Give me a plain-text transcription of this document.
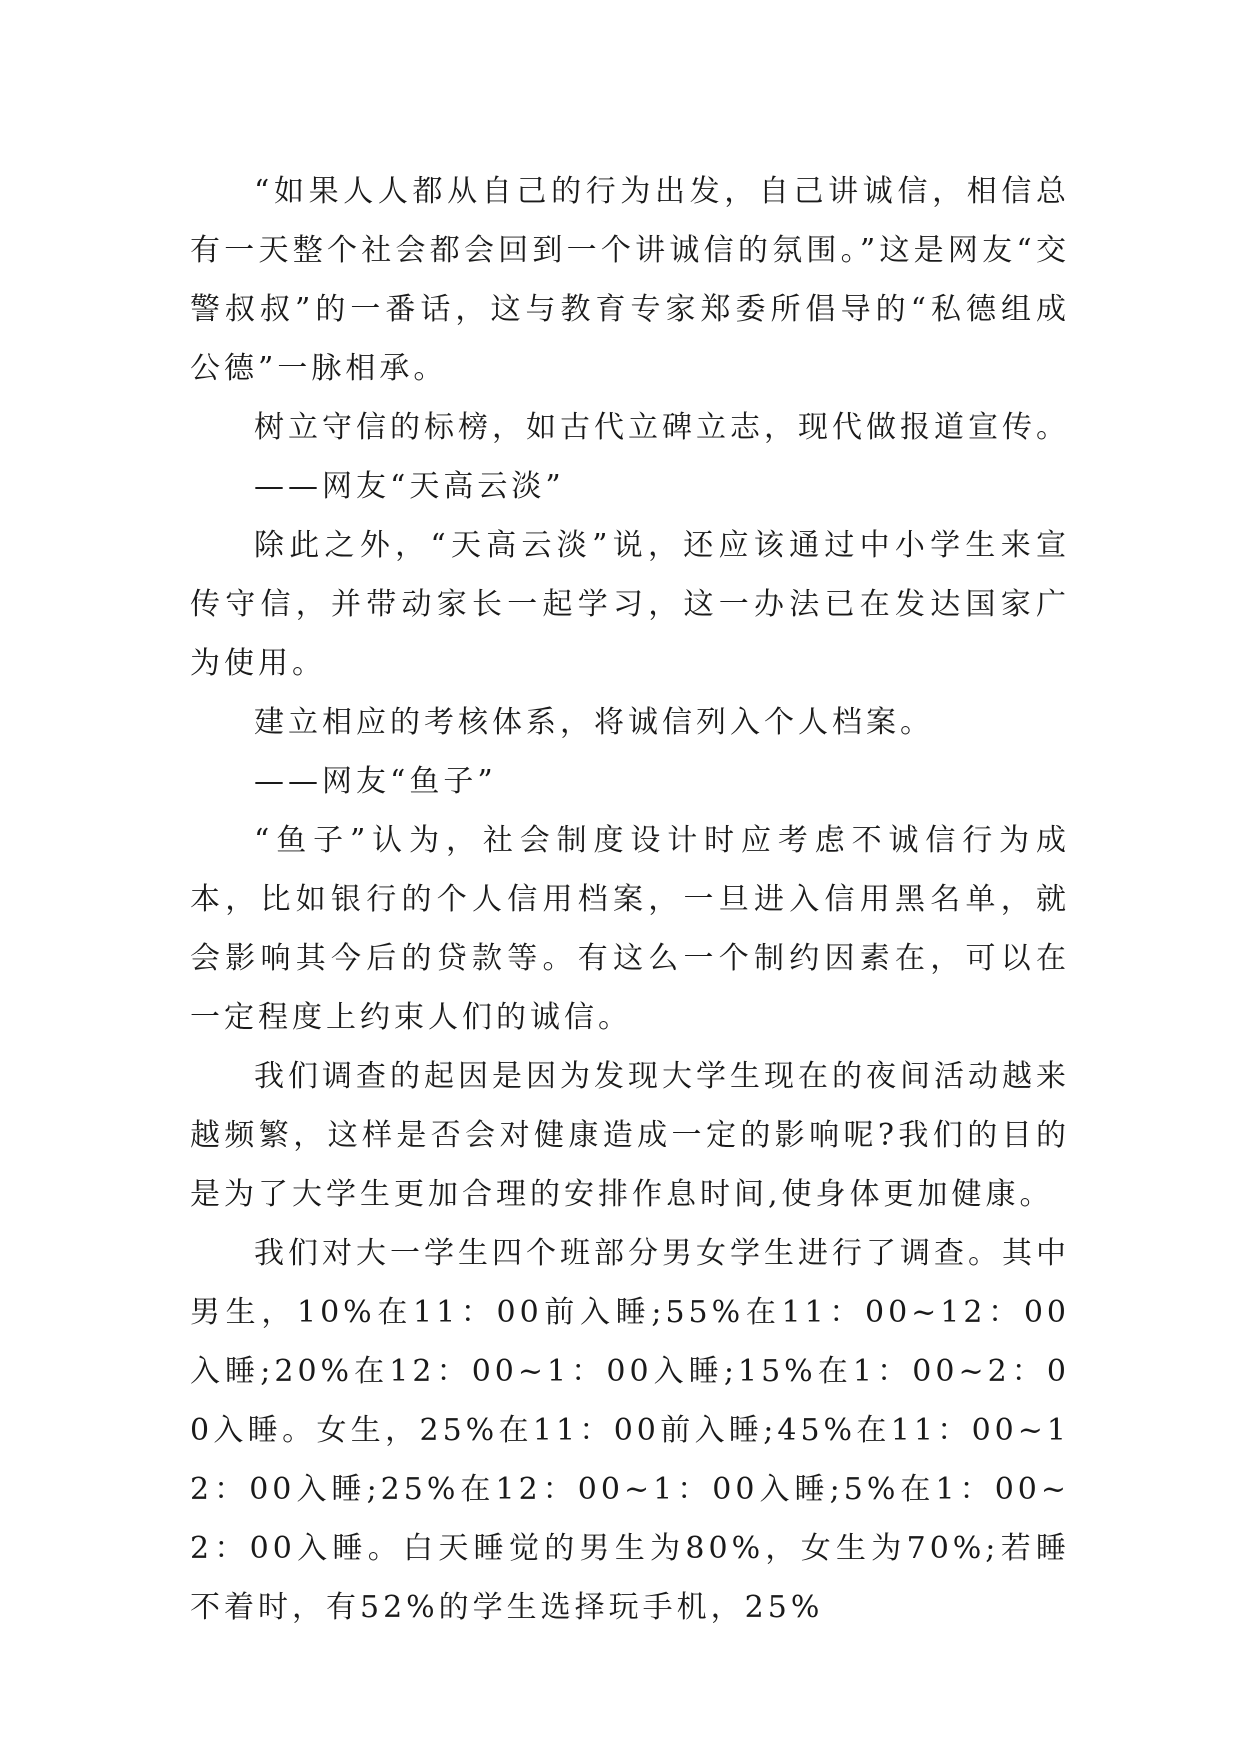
“如果人人都从自己的行为出发，自己讲诚信，相信总有一天整个社会都会回到一个讲诚信的氛围。”这是网友“交警叔叔”的一番话，这与教育专家郑委所倡导的“私德组成公德”一脉相承。

树立守信的标榜，如古代立碑立志，现代做报道宣传。

——网友“天高云淡”

除此之外，“天高云淡”说，还应该通过中小学生来宣传守信，并带动家长一起学习，这一办法已在发达国家广为使用。

建立相应的考核体系，将诚信列入个人档案。

——网友“鱼子”

“鱼子”认为，社会制度设计时应考虑不诚信行为成本，比如银行的个人信用档案，一旦进入信用黑名单，就会影响其今后的贷款等。有这么一个制约因素在，可以在一定程度上约束人们的诚信。

我们调查的起因是因为发现大学生现在的夜间活动越来越频繁，这样是否会对健康造成一定的影响呢?我们的目的是为了大学生更加合理的安排作息时间,使身体更加健康。

我们对大一学生四个班部分男女学生进行了调查。其中男生，10%在11：00前入睡;55%在11：00~12：00入睡;20%在12：00~1：00入睡;15%在1：00~2：00入睡。女生，25%在11：00前入睡;45%在11：00~12：00入睡;25%在12：00~1：00入睡;5%在1：00~2：00入睡。白天睡觉的男生为80%，女生为70%;若睡不着时，有52%的学生选择玩手机，25%
